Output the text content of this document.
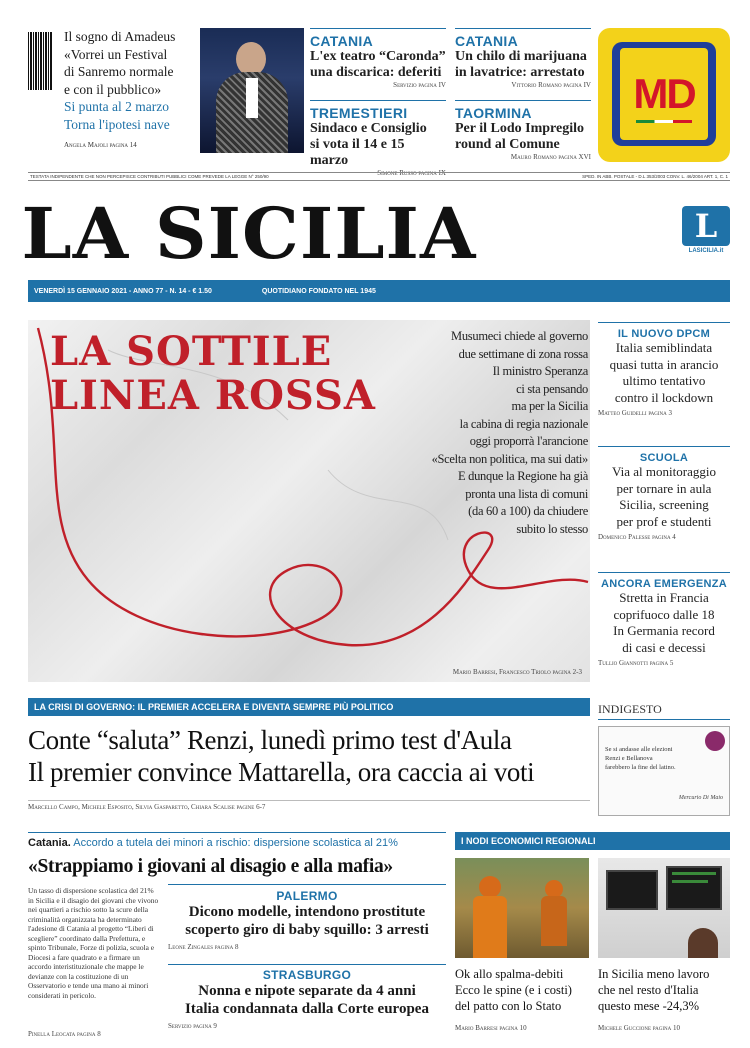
Il sogno di Amadeus
«Vorrei un Festival
di Sanremo normale
e con il pubblico»
Si punta al 2 marzo
Torna l'ipotesi nave
Angela Majoli pagina 14
CATANIA
L'ex teatro “Caronda”
una discarica: deferiti
Servizio pagina IV
CATANIA
Un chilo di marijuana
in lavatrice: arrestato
Vittorio Romano pagina IV
TREMESTIERI
Sindaco e Consiglio
si vota il 14 e 15 marzo
Simone Russo pagina IX
TAORMINA
Per il Lodo Impregilo
round al Comune
Mauro Romano pagina XVI
MD
TESTATA INDIPENDENTE CHE NON PERCEPISCE CONTRIBUTI PUBBLICI COME PREVEDE LA LEGGE N° 250/90	SPED. IN ABB. POSTALE - D.L 353/2003 CONV. L. 46/2004 ART. 1, C. 1
LA SICILIA	L
LASICILIA.it
VENERDÌ 15 GENNAIO 2021 - ANNO 77 - N. 14 - € 1.50	QUOTIDIANO FONDATO NEL 1945
LA SOTTILE
LINEA ROSSA
Musumeci chiede al governo
due settimane di zona rossa
Il ministro Speranza
ci sta pensando
ma per la Sicilia
la cabina di regia nazionale
oggi proporrà l'arancione
«Scelta non politica, ma sui dati»
E dunque la Regione ha già
pronta una lista di comuni
(da 60 a 100) da chiudere
subito lo stesso
Mario Barresi, Francesco Triolo pagina 2-3

IL NUOVO DPCM

Italia semiblindata

quasi tutta in arancio

ultimo tentativo

contro il lockdown

Matteo Guidelli pagina 3

SCUOLA

Via al monitoraggio

per tornare in aula

Sicilia, screening

per prof e studenti

Domenico Palesse pagina 4

ANCORA EMERGENZA

Stretta in Francia

coprifuoco dalle 18

In Germania record

di casi e decessi

Tullio Giannotti pagina 5
LA CRISI DI GOVERNO: IL PREMIER ACCELERA E DIVENTA SEMPRE PIÙ POLITICO
Conte “saluta” Renzi, lunedì primo test d'Aula
Il premier convince Mattarella, ora caccia ai voti
Marcello Campo, Michele Esposito, Silvia Gasparetto, Chiara Scalise pagine 6-7
INDIGESTO
Se si andasse alle elezioni
Renzi e Bellanova
farebbero la fine del latino.
Mercurio Di Maio
Catania. Accordo a tutela dei minori a rischio: dispersione scolastica al 21%
«Strappiamo i giovani al disagio e alla mafia»
Un tasso di dispersione scolastica del 21% in Sicilia e il disagio dei giovani che vivono nei quartieri a rischio sotto la scure della criminalità organizzata ha determinato l'adesione di Catania al progetto “Liberi di scegliere” coordinato dalla Prefettura, e spinto Tribunale, Forze di polizia, scuola e Diocesi a fare quadrato e a firmare un accordo interistituzionale che mappe le devianze con la costituzione di un Osservatorio e tende una mano ai minori considerati in pericolo.
Pinella Leocata pagina 8
PALERMO
Dicono modelle, intendono prostitute
scoperto giro di baby squillo: 3 arresti
Leone Zingales pagina 8
STRASBURGO
Nonna e nipote separate da 4 anni
Italia condannata dalla Corte europea
Servizio pagina 9
I NODI ECONOMICI REGIONALI
Ok allo spalma-debiti
Ecco le spine (e i costi)
del patto con lo Stato
Mario Barresi pagina 10
In Sicilia meno lavoro
che nel resto d'Italia
questo mese -24,3%
Michele Guccione pagina 10
